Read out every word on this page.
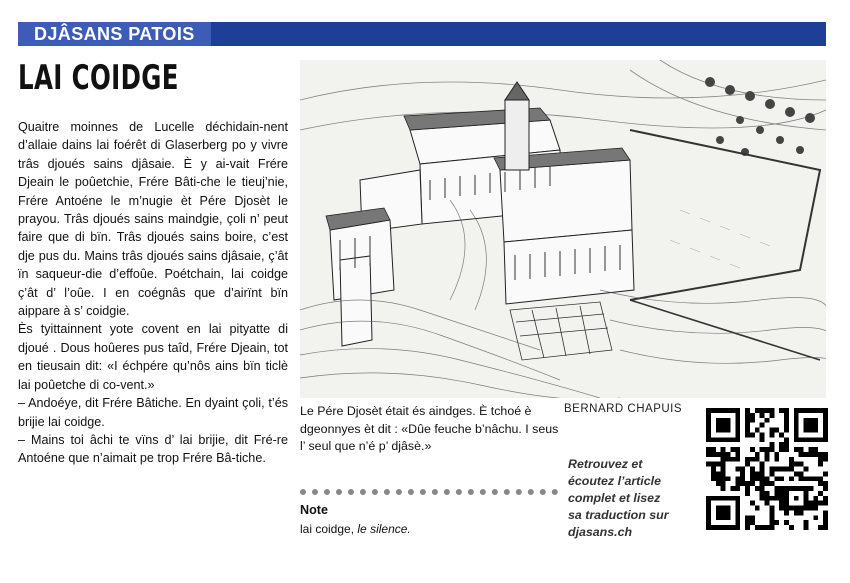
DJÂSANS PATOIS
LAI COIDGE

Quaitre moinnes de Lucelle déchidain-nent d’allaie dains lai foérêt di Glaserberg po y vivre trâs djoués sains djâsaie. È y ai-vait Frére Djeain le poûetchie, Frére Bâti-che le tieuj’nie, Frére Antoéne le m’nugie èt Pére Djosèt le prayou. Trâs djoués sains maindgie, çoli n’ peut faire que di bïn. Trâs djoués sains boire, c’est dje pus du. Mains trâs djoués sains djâsaie, ç’ât ïn saqueur-die d’effoûe. Poétchain, lai coidge ç’ât d’ l’oûe. I en coégnâs que d’airïnt bïn aippare à s’ coidgie.

Ès tyittainnent yote covent en lai pityatte di djoué . Dous hoûeres pus taîd, Frére Djeain, tot en tieusain dit: «I échpére qu’nôs ains bïn ticlè lai poûetche di co-vent.»

– Andoéye, dit Frére Bâtiche. En dyaint çoli, t’és brijie lai coidge.

– Mains toi âchi te vïns d’ lai brijie, dit Fré-re Antoéne que n’aimait pe trop Frére Bâ-tiche.

Le Pére Djosèt était és aindges. È tchoé è dgeonnyes èt dit : «Dûe feuche b’nâchu. I seus l’ seul que n’é p’ djâsè.»
BERNARD CHAPUIS
Note
lai coidge, le silence.
Retrouvez et
écoutez l’article
complet et lisez
sa traduction sur
djasans.ch
